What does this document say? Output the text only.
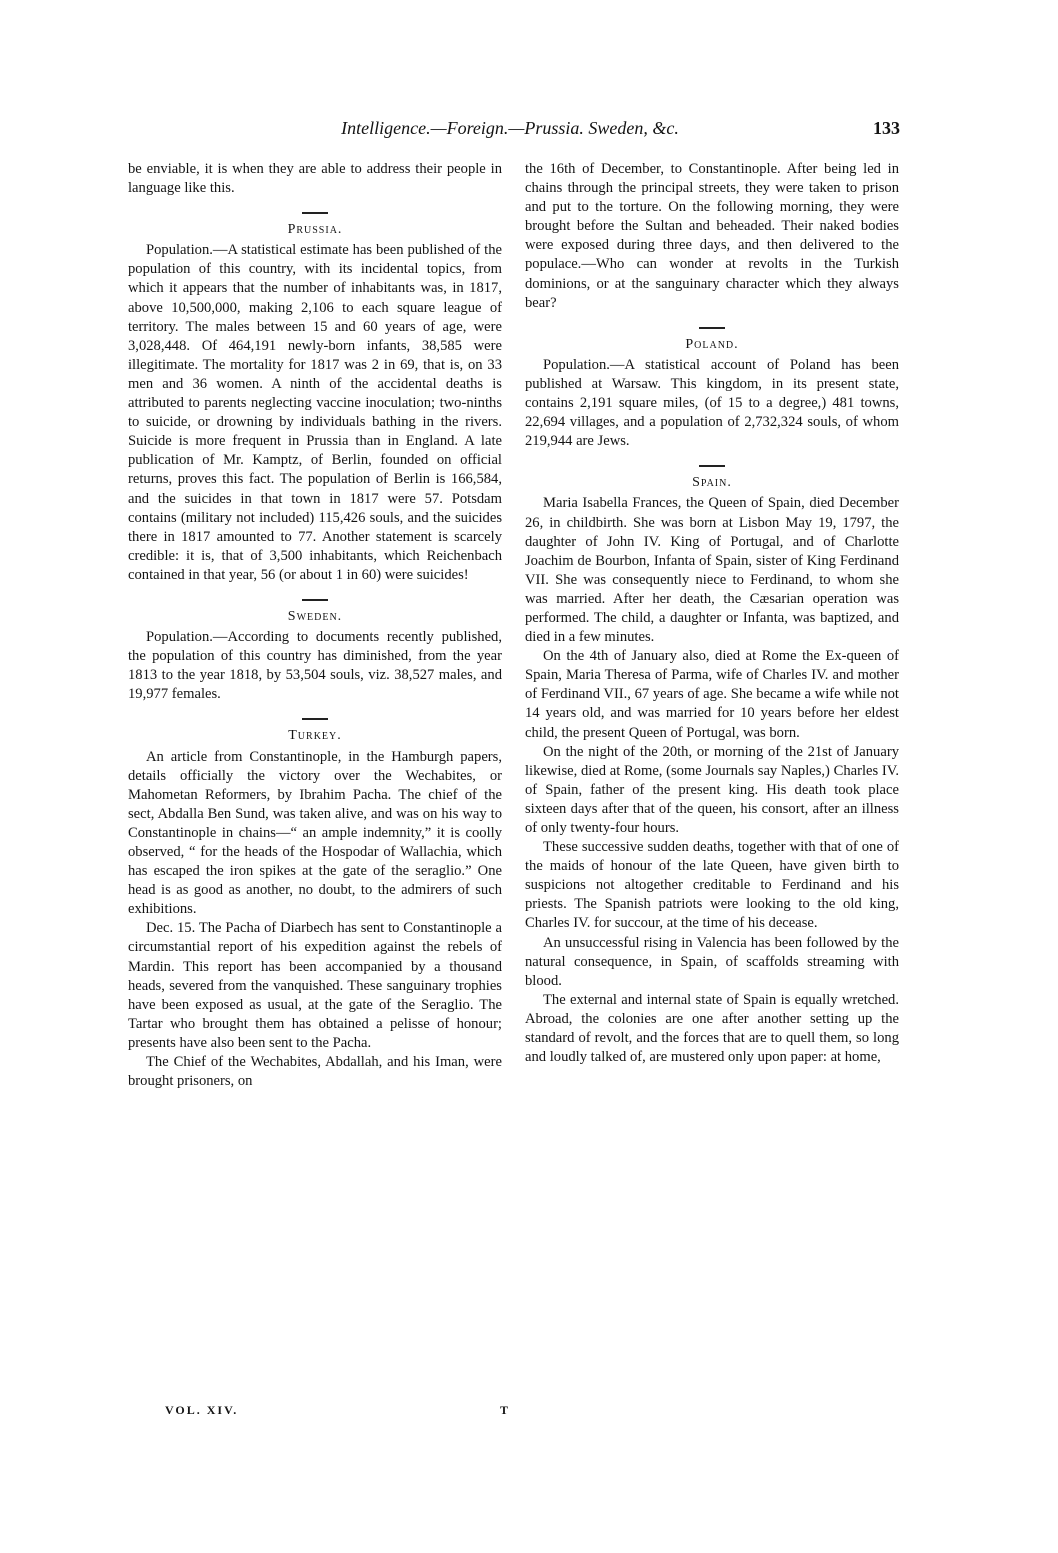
Intelligence.—Foreign.—Prussia. Sweden, &c.	133

be enviable, it is when they are able to address their people in language like this.

Prussia.

Population.—A statistical estimate has been published of the population of this country, with its incidental topics, from which it appears that the number of inhabitants was, in 1817, above 10,500,000, making 2,106 to each square league of territory. The males between 15 and 60 years of age, were 3,028,448. Of 464,191 newly-born infants, 38,585 were illegitimate. The mortality for 1817 was 2 in 69, that is, on 33 men and 36 women. A ninth of the accidental deaths is attributed to parents neglecting vaccine inoculation; two-ninths to suicide, or drowning by individuals bathing in the rivers. Suicide is more frequent in Prussia than in England. A late publication of Mr. Kamptz, of Berlin, founded on official returns, proves this fact. The population of Berlin is 166,584, and the suicides in that town in 1817 were 57. Potsdam contains (military not included) 115,426 souls, and the suicides there in 1817 amounted to 77. Another statement is scarcely credible: it is, that of 3,500 inhabitants, which Reichenbach contained in that year, 56 (or about 1 in 60) were suicides!

Sweden.

Population.—According to documents recently published, the population of this country has diminished, from the year 1813 to the year 1818, by 53,504 souls, viz. 38,527 males, and 19,977 females.

Turkey.

An article from Constantinople, in the Hamburgh papers, details officially the victory over the Wechabites, or Mahometan Reformers, by Ibrahim Pacha. The chief of the sect, Abdalla Ben Sund, was taken alive, and was on his way to Constantinople in chains—“ an ample indemnity,” it is coolly observed, “ for the heads of the Hospodar of Wallachia, which has escaped the iron spikes at the gate of the seraglio.” One head is as good as another, no doubt, to the admirers of such exhibitions.

Dec. 15. The Pacha of Diarbech has sent to Constantinople a circumstantial report of his expedition against the rebels of Mardin. This report has been accompanied by a thousand heads, severed from the vanquished. These sanguinary trophies have been exposed as usual, at the gate of the Seraglio. The Tartar who brought them has obtained a pelisse of honour; presents have also been sent to the Pacha.

The Chief of the Wechabites, Abdallah, and his Iman, were brought prisoners, on

the 16th of December, to Constantinople. After being led in chains through the principal streets, they were taken to prison and put to the torture. On the following morning, they were brought before the Sultan and beheaded. Their naked bodies were exposed during three days, and then delivered to the populace.—Who can wonder at revolts in the Turkish dominions, or at the sanguinary character which they always bear?

Poland.

Population.—A statistical account of Poland has been published at Warsaw. This kingdom, in its present state, contains 2,191 square miles, (of 15 to a degree,) 481 towns, 22,694 villages, and a population of 2,732,324 souls, of whom 219,944 are Jews.

Spain.

Maria Isabella Frances, the Queen of Spain, died December 26, in childbirth. She was born at Lisbon May 19, 1797, the daughter of John IV. King of Portugal, and of Charlotte Joachim de Bourbon, Infanta of Spain, sister of King Ferdinand VII. She was consequently niece to Ferdinand, to whom she was married. After her death, the Cæsarian operation was performed. The child, a daughter or Infanta, was baptized, and died in a few minutes.

On the 4th of January also, died at Rome the Ex-queen of Spain, Maria Theresa of Parma, wife of Charles IV. and mother of Ferdinand VII., 67 years of age. She became a wife while not 14 years old, and was married for 10 years before her eldest child, the present Queen of Portugal, was born.

On the night of the 20th, or morning of the 21st of January likewise, died at Rome, (some Journals say Naples,) Charles IV. of Spain, father of the present king. His death took place sixteen days after that of the queen, his consort, after an illness of only twenty-four hours.

These successive sudden deaths, together with that of one of the maids of honour of the late Queen, have given birth to suspicions not altogether creditable to Ferdinand and his priests. The Spanish patriots were looking to the old king, Charles IV. for succour, at the time of his decease.

An unsuccessful rising in Valencia has been followed by the natural consequence, in Spain, of scaffolds streaming with blood.

The external and internal state of Spain is equally wretched. Abroad, the colonies are one after another setting up the standard of revolt, and the forces that are to quell them, so long and loudly talked of, are mustered only upon paper: at home,

VOL. XIV.	T
